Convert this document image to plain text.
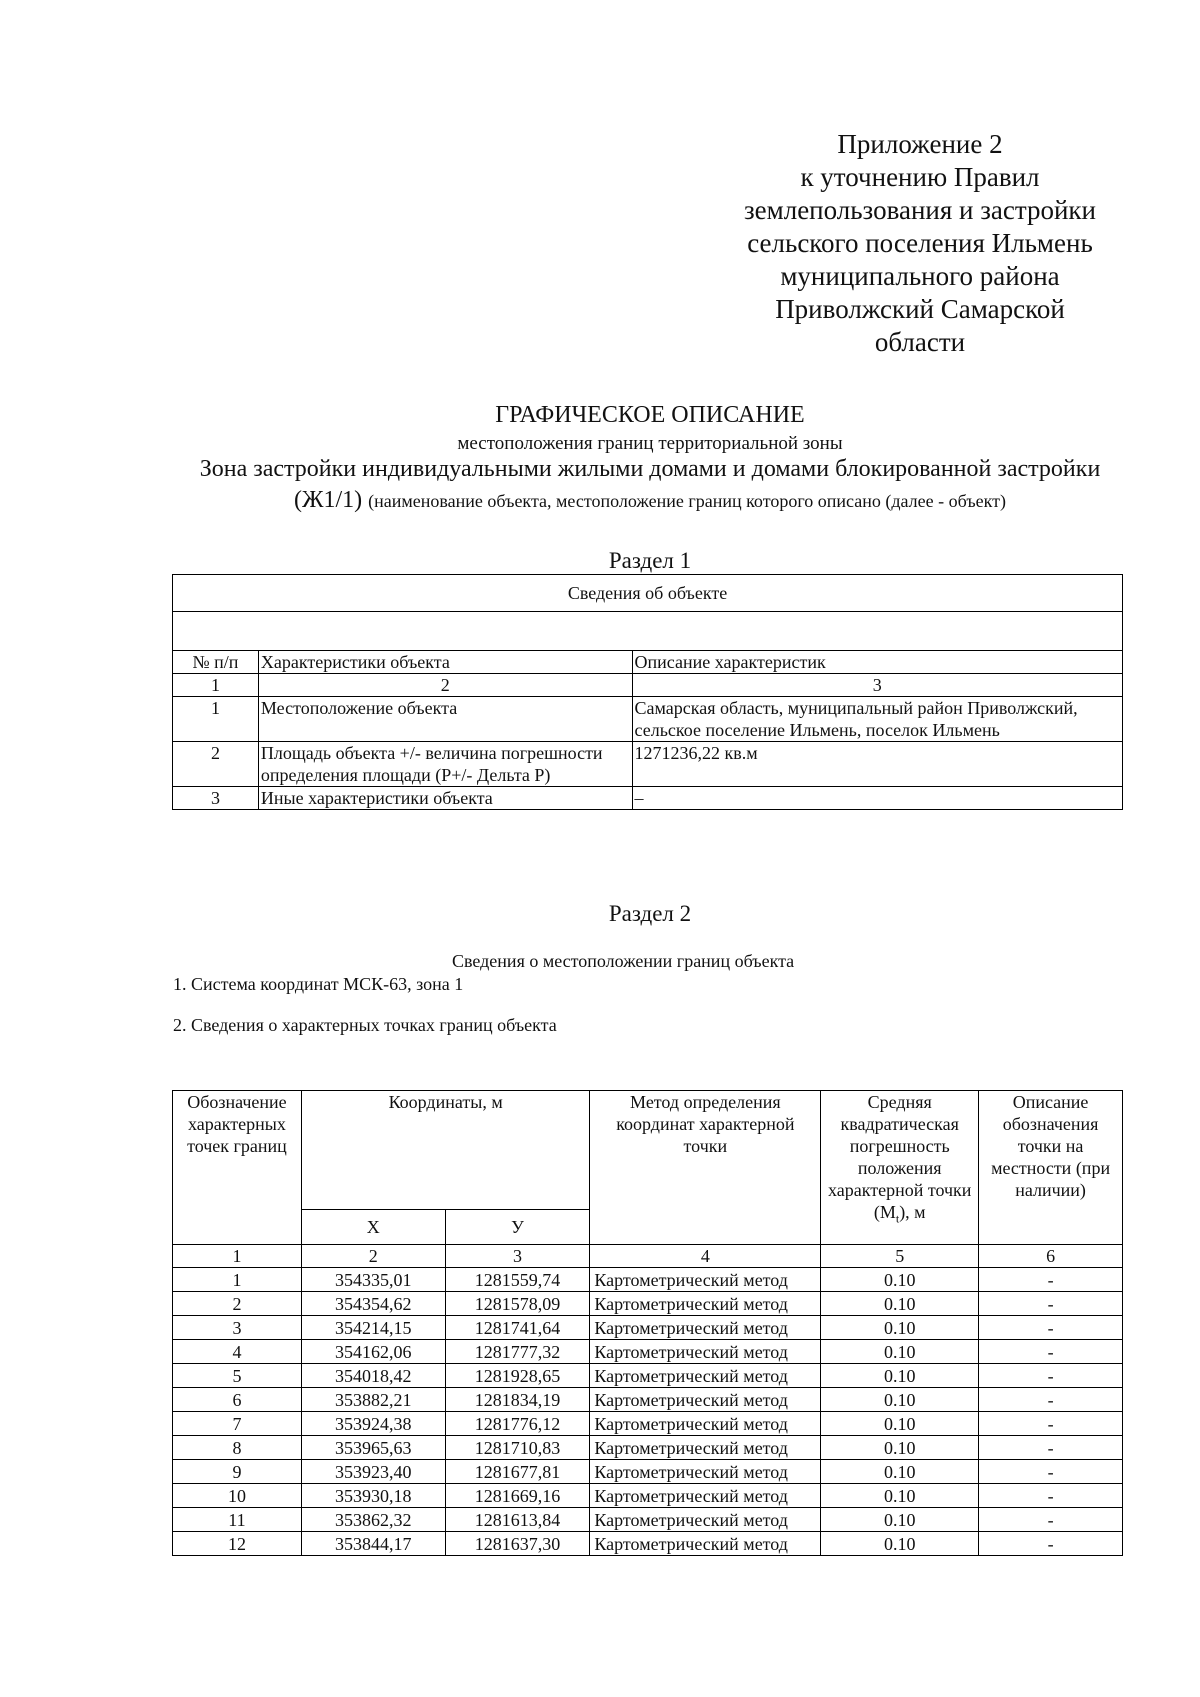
Приложение 2
к уточнению Правил
землепользования и застройки
сельского поселения Ильмень
муниципального района
Приволжский Самарской
области
ГРАФИЧЕСКОЕ ОПИСАНИЕ
местоположения границ территориальной зоны
Зона застройки индивидуальными жилыми домами и домами блокированной застройки
(Ж1/1) (наименование объекта, местоположение границ которого описано (далее - объект)
Раздел 1
Сведения об объекте		

№ п/п	Характеристики объекта	Описание характеристик
1	2	3
1	Местоположение объекта	Самарская область, муниципальный район Приволжский, сельское поселение Ильмень, поселок Ильмень
2	Площадь объекта +/- величина погрешности определения площади (Р+/- Дельта Р)	1271236,22 кв.м
3	Иные характеристики объекта	–
Раздел 2
Сведения о местоположении границ объекта
1. Система координат МСК-63, зона 1
2. Сведения о характерных точках границ объекта
Обозначение характерных точек границ	Координаты, м		Метод определения координат характерной точки	Средняя квадратическая погрешность положения характерной точки $(М_t)$, м	Описание обозначения точки на местности (при наличии)
	X	У			
1	2	3	4	5	6
1	354335,01	1281559,74	Картометрический метод	0.10	-
2	354354,62	1281578,09	Картометрический метод	0.10	-
3	354214,15	1281741,64	Картометрический метод	0.10	-
4	354162,06	1281777,32	Картометрический метод	0.10	-
5	354018,42	1281928,65	Картометрический метод	0.10	-
6	353882,21	1281834,19	Картометрический метод	0.10	-
7	353924,38	1281776,12	Картометрический метод	0.10	-
8	353965,63	1281710,83	Картометрический метод	0.10	-
9	353923,40	1281677,81	Картометрический метод	0.10	-
10	353930,18	1281669,16	Картометрический метод	0.10	-
11	353862,32	1281613,84	Картометрический метод	0.10	-
12	353844,17	1281637,30	Картометрический метод	0.10	-
